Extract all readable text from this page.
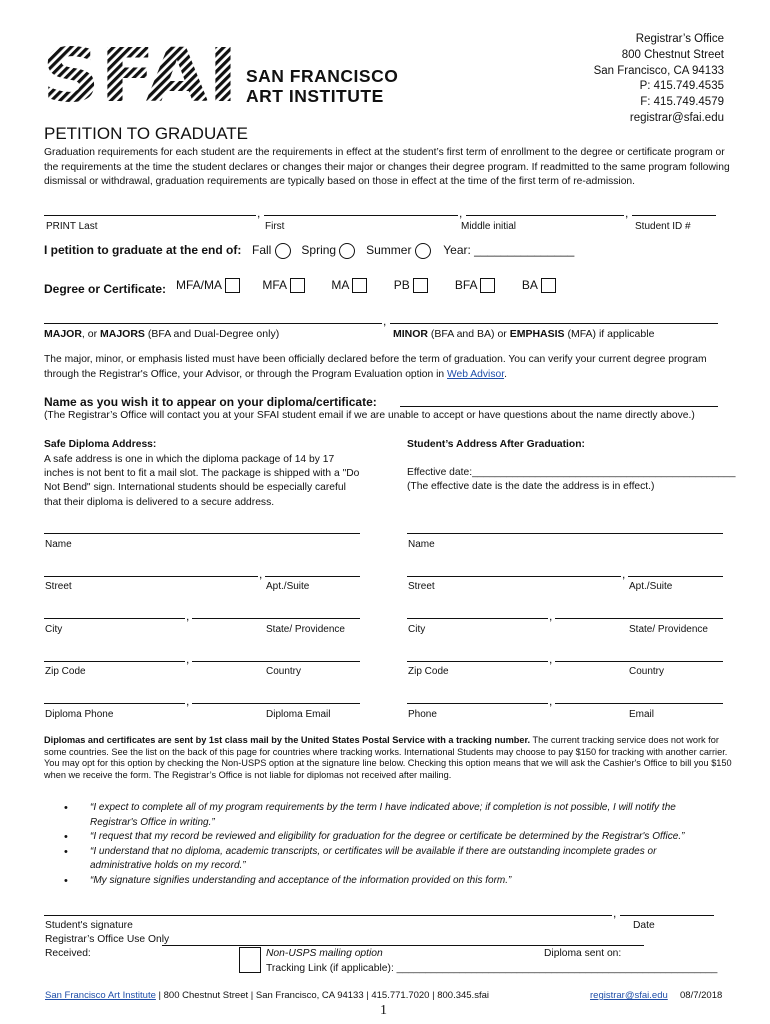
SFAI SAN FRANCISCO
ART INSTITUTE
Registrar’s Office
800 Chestnut Street
San Francisco, CA 94133
P: 415.749.4535
F: 415.749.4579
registrar@sfai.edu
PETITION TO GRADUATE
Graduation requirements for each student are the requirements in effect at the student’s first term of enrollment to the degree or certificate program or the requirements at the time the student declares or changes their major or changes their degree program. If readmitted to the same program following dismissal or withdrawal, graduation requirements are typically based on those in effect at the time of the first term of re-admission.
,	,	,
PRINT Last	First	Middle initial	Student ID #
I petition to graduate at the end of: Fall	Spring	Summer	Year: _______________
Degree or Certificate: MFA/MA	MFA	MA	PB	BFA	BA
,
MAJOR, or MAJORS (BFA and Dual-Degree only)	MINOR (BFA and BA) or EMPHASIS (MFA) if applicable
The major, minor, or emphasis listed must have been officially declared before the term of graduation. You can verify your current degree program through the Registrar's Office, your Advisor, or through the Program Evaluation option in Web Advisor.
Name as you wish it to appear on your diploma/certificate:
(The Registrar’s Office will contact you at your SFAI student email if we are unable to accept or have questions about the name directly above.)
Safe Diploma Address:
A safe address is one in which the diploma package of 14 by 17 inches is not bent to fit a mail slot. The package is shipped with a "Do Not Bend" sign. International students should be especially careful that their diploma is delivered to a secure address.
Student’s Address After Graduation:
Effective date:______________________________________________
(The effective date is the date the address is in effect.)
Name
,
Street	Apt./Suite
,
City	State/ Providence
,
Zip Code	Country
,
Diploma Phone	Diploma Email
Name
,
Street	Apt./Suite
,
City	State/ Providence
,
Zip Code	Country
,
Phone	Email
Diplomas and certificates are sent by 1st class mail by the United States Postal Service with a tracking number. The current tracking service does not work for some countries. See the list on the back of this page for countries where tracking works. International Students may choose to pay $150 for tracking with another carrier. You may opt for this option by checking the Non-USPS option at the signature line below. Checking this option means that we will ask the Cashier's Office to bill you $150 when we receive the form. The Registrar’s Office is not liable for diplomas not received after mailing.
• “I expect to complete all of my program requirements by the term I have indicated above; if completion is not possible, I will notify the Registrar's Office in writing.”
• “I request that my record be reviewed and eligibility for graduation for the degree or certificate be determined by the Registrar's Office.”
• “I understand that no diploma, academic transcripts, or certificates will be available if there are outstanding incomplete grades or administrative holds on my record.”
• “My signature signifies understanding and acceptance of the information provided on this form.”
,
Student's signature	Date
Registrar’s Office Use Only
Received:	Non-USPS mailing option	Diploma sent on:
Tracking Link (if applicable): ________________________________________________________
San Francisco Art Institute | 800 Chestnut Street | San Francisco, CA 94133 | 415.771.7020 | 800.345.sfai	registrar@sfai.edu 08/7/2018
1
